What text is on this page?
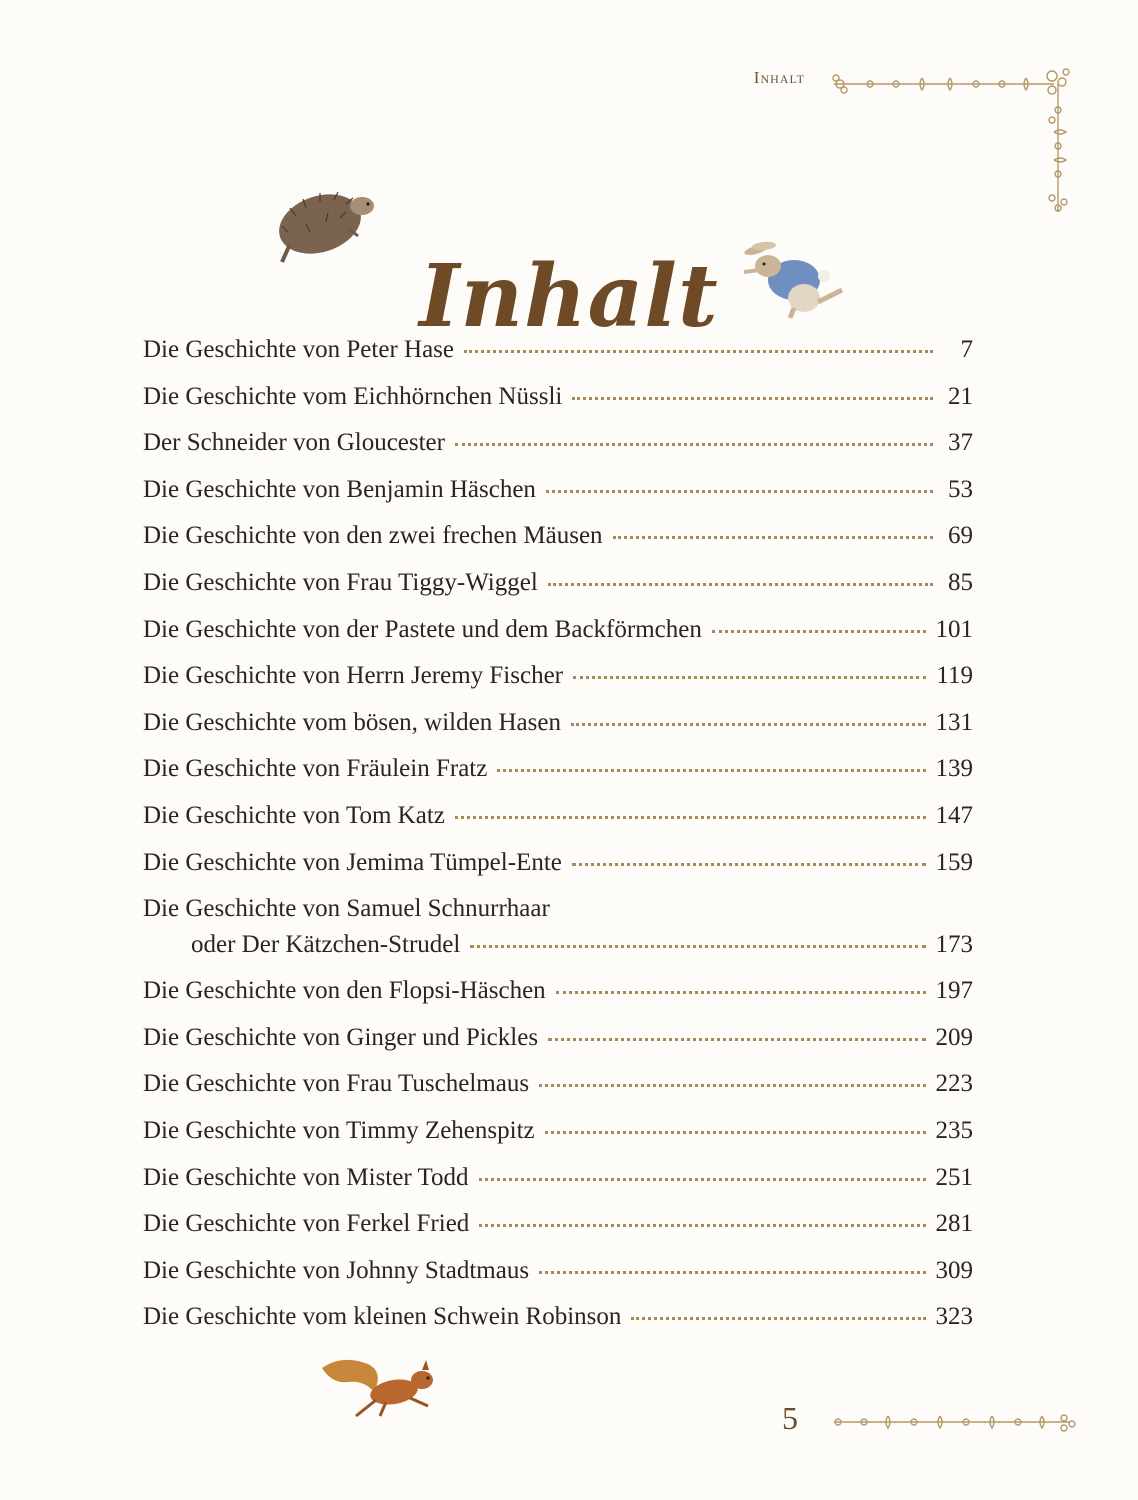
Inhalt
Inhalt
Die Geschichte von Peter Hase	7
Die Geschichte vom Eichhörnchen Nüssli	21
Der Schneider von Gloucester	37
Die Geschichte von Benjamin Häschen	53
Die Geschichte von den zwei frechen Mäusen	69
Die Geschichte von Frau Tiggy-Wiggel	85
Die Geschichte von der Pastete und dem Backförmchen	101
Die Geschichte von Herrn Jeremy Fischer	119
Die Geschichte vom bösen, wilden Hasen	131
Die Geschichte von Fräulein Fratz	139
Die Geschichte von Tom Katz	147
Die Geschichte von Jemima Tümpel-Ente	159
Die Geschichte von Samuel Schnurrhaar
oder Der Kätzchen-Strudel	173
Die Geschichte von den Flopsi-Häschen	197
Die Geschichte von Ginger und Pickles	209
Die Geschichte von Frau Tuschelmaus	223
Die Geschichte von Timmy Zehenspitz	235
Die Geschichte von Mister Todd	251
Die Geschichte von Ferkel Fried	281
Die Geschichte von Johnny Stadtmaus	309
Die Geschichte vom kleinen Schwein Robinson	323
5
